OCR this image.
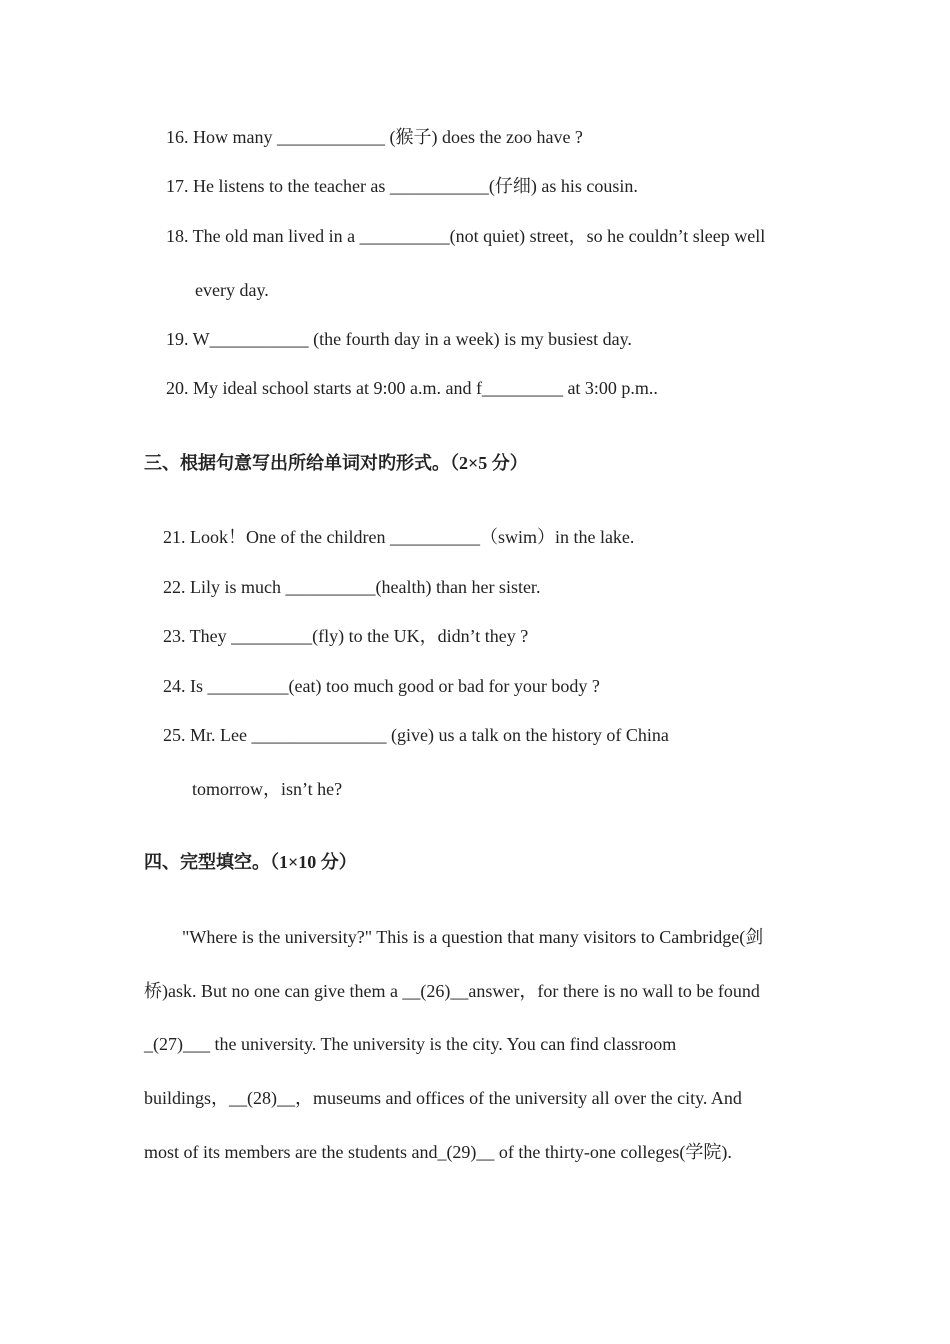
16. How many ____________ (猴子) does the zoo have ?
17. He listens to the teacher as ___________(仔细) as his cousin.
18. The old man lived in a __________(not quiet) street，so he couldn’t sleep well
every day.
19. W___________ (the fourth day in a week) is my busiest day.
20. My ideal school starts at 9:00 a.m. and f_________ at 3:00 p.m..
三、根据句意写出所给单词对旳形式。（2×5 分）
21. Look！One of the children __________（swim）in the lake.
22. Lily is much __________(health) than her sister.
23. They _________(fly) to the UK，didn’t they ?
24. Is _________(eat) too much good or bad for your body ?
25. Mr. Lee _______________ (give) us a talk on the history of China
tomorrow，isn’t he?
四、完型填空。（1×10 分）
"Where is the university?" This is a question that many visitors to Cambridge(剑
桥)ask. But no one can give them a __(26)__answer，for there is no wall to be found
_(27)___ the university. The university is the city. You can find classroom
buildings，__(28)__，museums and offices of the university all over the city. And
most of its members are the students and_(29)__ of the thirty-one colleges(学院).
